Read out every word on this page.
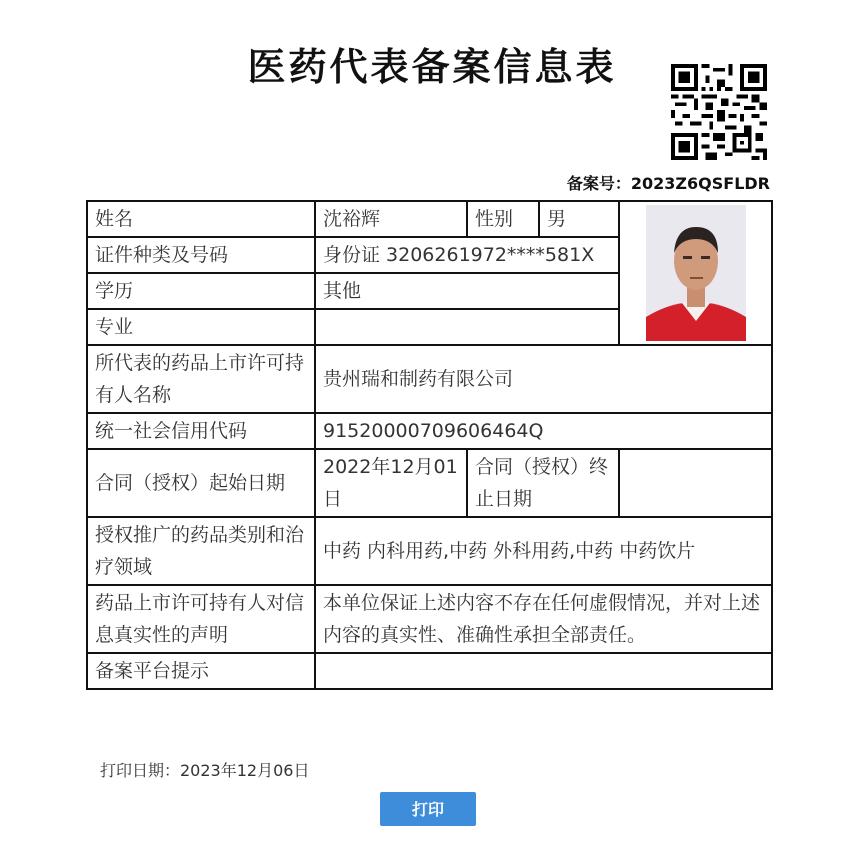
医药代表备案信息表
备案号：2023Z6QSFLDR
姓名	沈裕辉	性别	男	

证件种类及号码	身份证 3206261972****581X			
学历	其他			
专业				
所代表的药品上市许可持有人名称	贵州瑞和制药有限公司			
统一社会信用代码	91520000709606464Q			
合同（授权）起始日期	2022年12月01日	合同（授权）终止日期		
授权推广的药品类别和治疗领域	中药 内科用药,中药 外科用药,中药 中药饮片			
药品上市许可持有人对信息真实性的声明	本单位保证上述内容不存在任何虚假情况，并对上述内容的真实性、准确性承担全部责任。			
备案平台提示				
打印日期：2023年12月06日
打印
